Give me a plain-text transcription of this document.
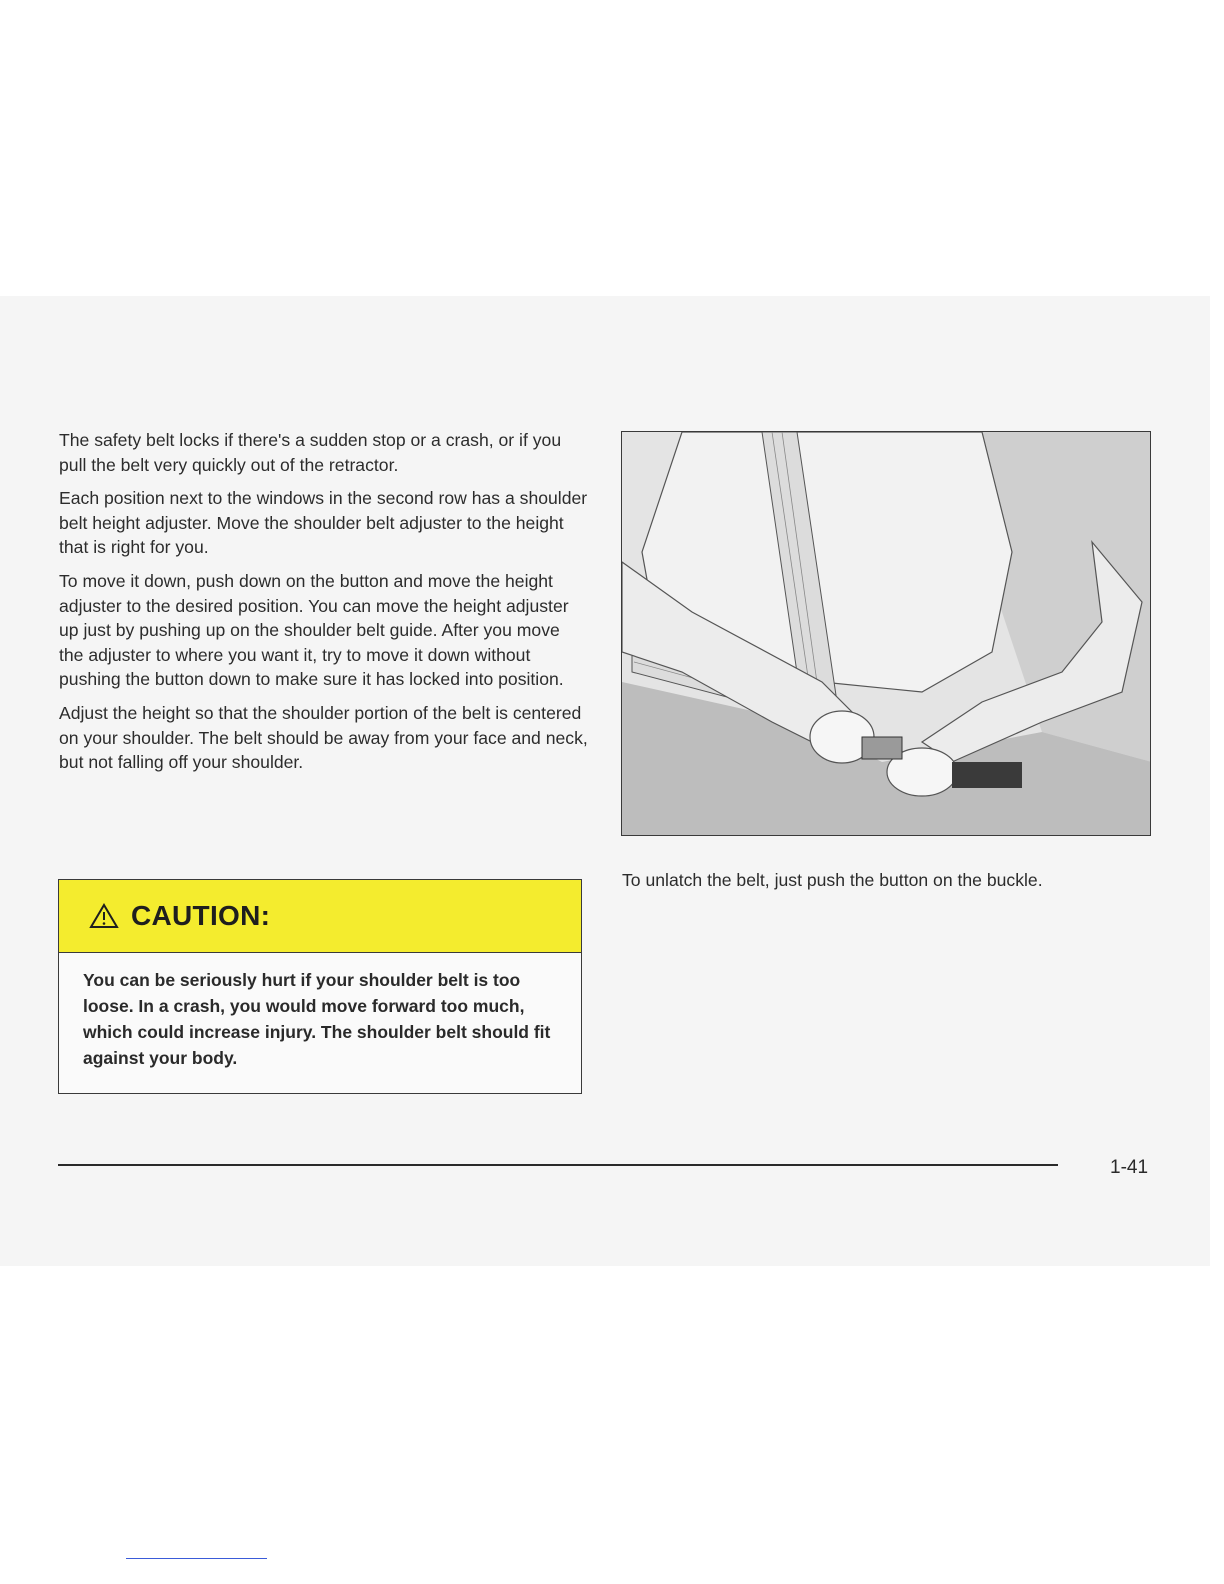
The safety belt locks if there's a sudden stop or a crash, or if you pull the belt very quickly out of the retractor.

Each position next to the windows in the second row has a shoulder belt height adjuster. Move the shoulder belt adjuster to the height that is right for you.

To move it down, push down on the button and move the height adjuster to the desired position. You can move the height adjuster up just by pushing up on the shoulder belt guide. After you move the adjuster to where you want it, try to move it down without pushing the button down to make sure it has locked into position.

Adjust the height so that the shoulder portion of the belt is centered on your shoulder. The belt should be away from your face and neck, but not falling off your shoulder.

CAUTION:
You can be seriously hurt if your shoulder belt is too loose. In a crash, you would move forward too much, which could increase injury. The shoulder belt should fit against your body.
To unlatch the belt, just push the button on the buckle.
1-41
